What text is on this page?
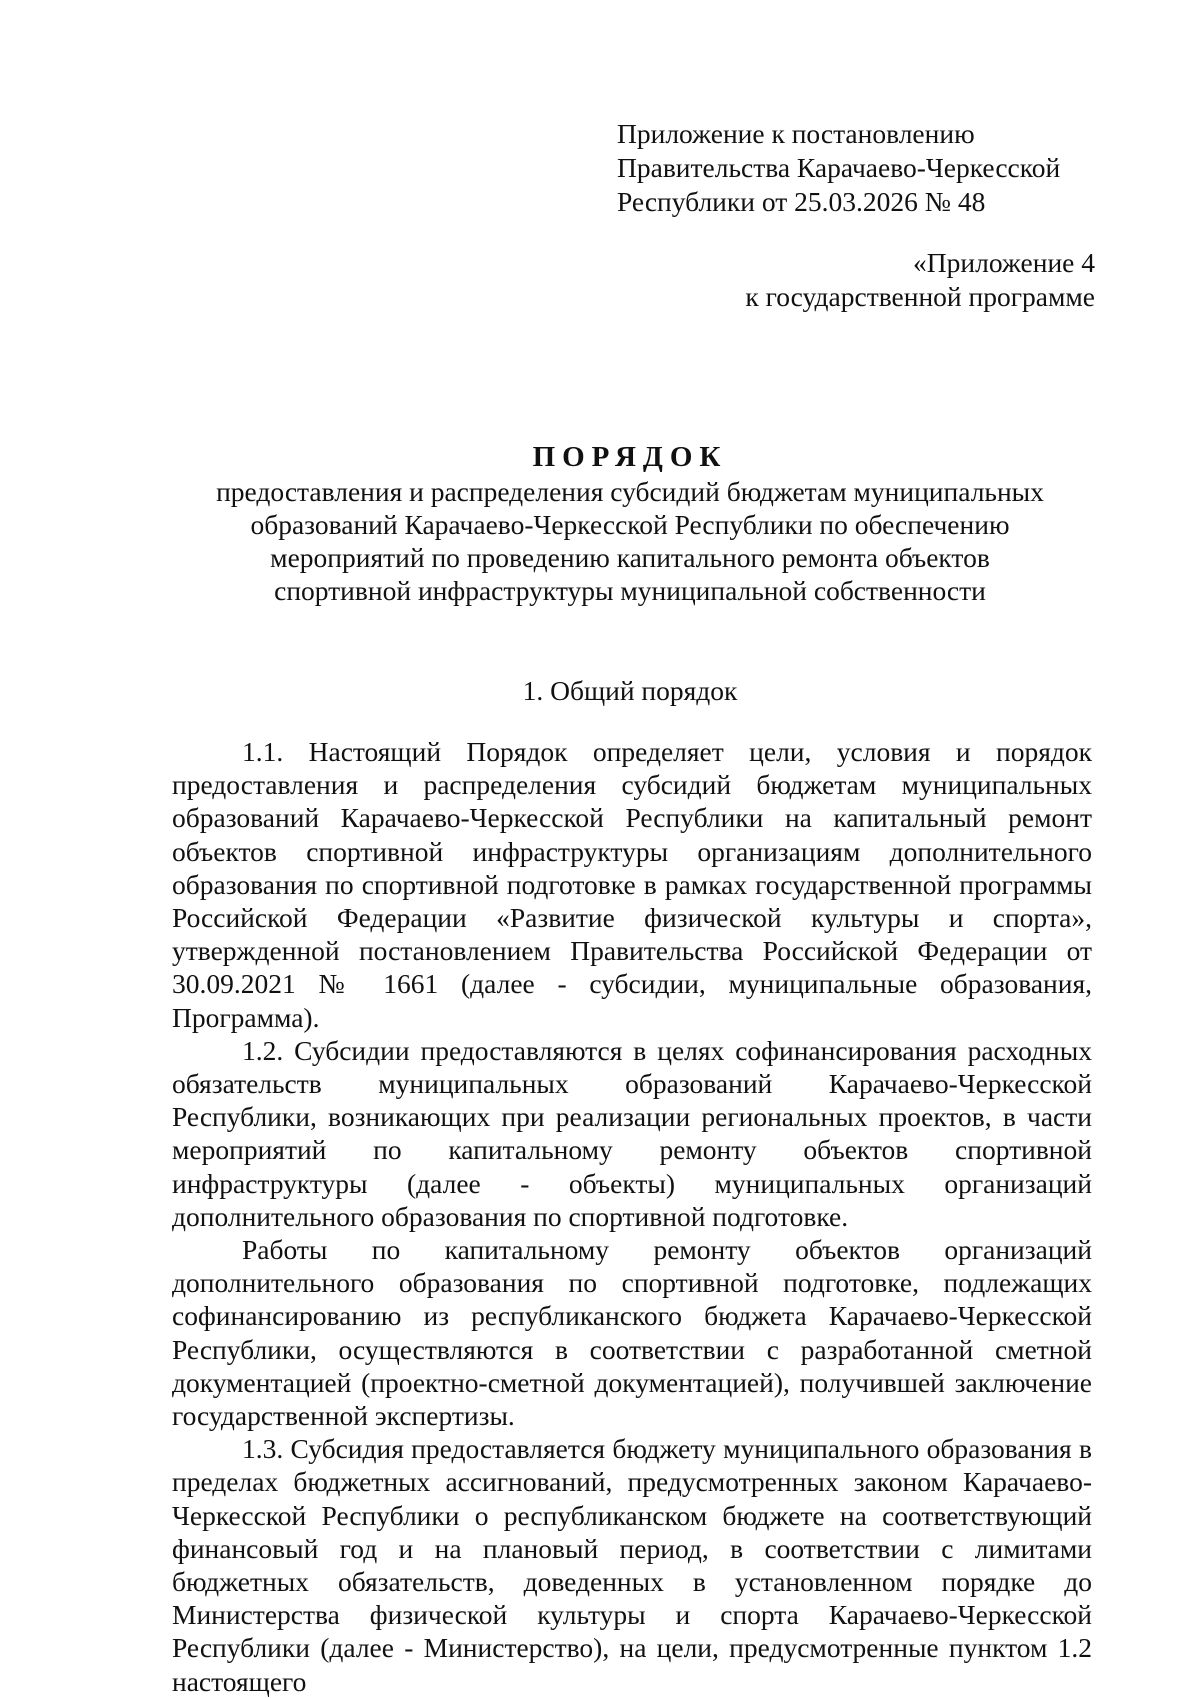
Приложение к постановлению
Правительства Карачаево-Черкесской
Республики от 25.03.2026 № 48
«Приложение 4
к государственной программе
ПОРЯДОК
предоставления и распределения субсидий бюджетам муниципальных
образований Карачаево-Черкесской Республики по обеспечению
мероприятий по проведению капитального ремонта объектов
спортивной инфраструктуры муниципальной собственности
1. Общий порядок

1.1. Настоящий Порядок определяет цели, условия и порядок предоставления и распределения субсидий бюджетам муниципальных образований Карачаево-Черкесской Республики на капитальный ремонт объектов спортивной инфраструктуры организациям дополнительного образования по спортивной подготовке в рамках государственной программы Российской Федерации «Развитие физической культуры и спорта», утвержденной постановлением Правительства Российской Федерации от 30.09.2021 № 1661 (далее - субсидии, муниципальные образования, Программа).

1.2. Субсидии предоставляются в целях софинансирования расходных обязательств муниципальных образований Карачаево-Черкесской Республики, возникающих при реализации региональных проектов, в части мероприятий по капитальному ремонту объектов спортивной инфраструктуры (далее - объекты) муниципальных организаций дополнительного образования по спортивной подготовке.

Работы по капитальному ремонту объектов организаций дополнительного образования по спортивной подготовке, подлежащих софинансированию из республиканского бюджета Карачаево-Черкесской Республики, осуществляются в соответствии с разработанной сметной документацией (проектно-сметной документацией), получившей заключение государственной экспертизы.

1.3. Субсидия предоставляется бюджету муниципального образования в пределах бюджетных ассигнований, предусмотренных законом Карачаево-Черкесской Республики о республиканском бюджете на соответствующий финансовый год и на плановый период, в соответствии с лимитами бюджетных обязательств, доведенных в установленном порядке до Министерства физической культуры и спорта Карачаево-Черкесской Республики (далее - Министерство), на цели, предусмотренные пунктом 1.2 настоящего
